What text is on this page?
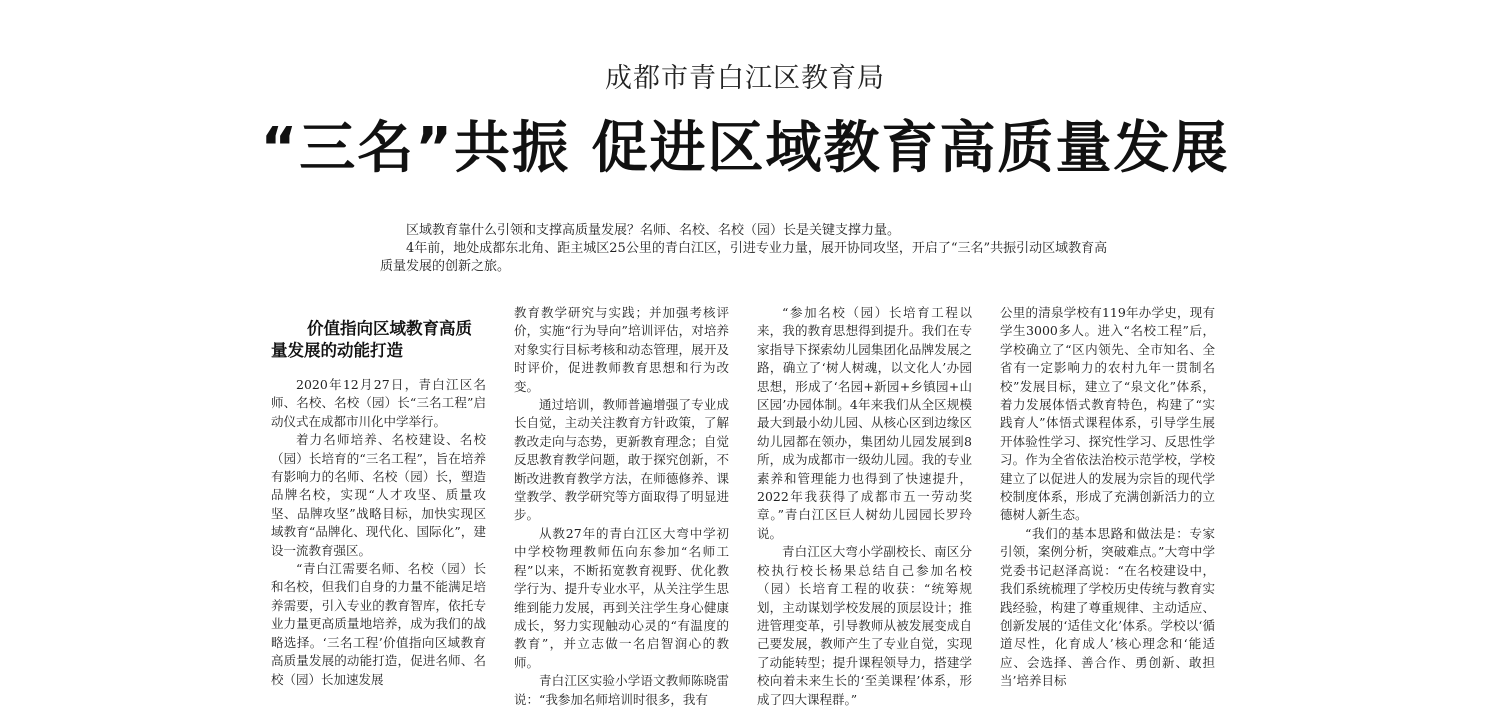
成都市青白江区教育局
“三名”共振 促进区域教育高质量发展

区域教育靠什么引领和支撑高质量发展？名师、名校、名校（园）长是关键支撑力量。

4年前，地处成都东北角、距主城区25公里的青白江区，引进专业力量，展开协同攻坚，开启了“三名”共振引动区域教育高质量发展的创新之旅。

价值指向区域教育高质量发展的动能打造

2020年12月27日，青白江区名师、名校、名校（园）长“三名工程”启动仪式在成都市川化中学举行。

着力名师培养、名校建设、名校（园）长培育的“三名工程”，旨在培养有影响力的名师、名校（园）长，塑造品牌名校，实现“人才攻坚、质量攻坚、品牌攻坚”战略目标，加快实现区域教育“品牌化、现代化、国际化”，建设一流教育强区。

“青白江需要名师、名校（园）长和名校，但我们自身的力量不能满足培养需要，引入专业的教育智库，依托专业力量更高质量地培养，成为我们的战略选择。‘三名工程’价值指向区域教育高质量发展的动能打造，促进名师、名校（园）长加速发展

教育教学研究与实践；并加强考核评价，实施“行为导向”培训评估，对培养对象实行目标考核和动态管理，展开及时评价，促进教师教育思想和行为改变。

通过培训，教师普遍增强了专业成长自觉，主动关注教育方针政策，了解教改走向与态势，更新教育理念；自觉反思教育教学问题，敢于探究创新，不断改进教育教学方法，在师德修养、课堂教学、教学研究等方面取得了明显进步。

从教27年的青白江区大弯中学初中学校物理教师伍向东参加“名师工程”以来，不断拓宽教育视野、优化教学行为、提升专业水平，从关注学生思维到能力发展，再到关注学生身心健康成长，努力实现触动心灵的“有温度的教育”，并立志做一名启智润心的教师。

青白江区实验小学语文教师陈晓雷说：“我参加名师培训时很多，我有

“参加名校（园）长培育工程以来，我的教育思想得到提升。我们在专家指导下探索幼儿园集团化品牌发展之路，确立了‘树人树魂，以文化人’办园思想，形成了‘名园+新园+乡镇园+山区园’办园体制。4年来我们从全区规模最大到最小幼儿园、从核心区到边缘区幼儿园都在领办，集团幼儿园发展到8所，成为成都市一级幼儿园。我的专业素养和管理能力也得到了快速提升，2022年我获得了成都市五一劳动奖章。”青白江区巨人树幼儿园园长罗玲说。

青白江区大弯小学副校长、南区分校执行校长杨果总结自己参加名校（园）长培育工程的收获：“统筹规划，主动谋划学校发展的顶层设计；推进管理变革，引导教师从被发展变成自己要发展，教师产生了专业自觉，实现了动能转型；提升课程领导力，搭建学校向着未来生长的‘至美课程’体系，形成了四大课程群。”

公里的清泉学校有119年办学史，现有学生3000多人。进入“名校工程”后，学校确立了“区内领先、全市知名、全省有一定影响力的农村九年一贯制名校”发展目标，建立了“泉文化”体系，着力发展体悟式教育特色，构建了“实践育人”体悟式课程体系，引导学生展开体验性学习、探究性学习、反思性学习。作为全省依法治校示范学校，学校建立了以促进人的发展为宗旨的现代学校制度体系，形成了充满创新活力的立德树人新生态。

“我们的基本思路和做法是：专家引领，案例分析，突破难点。”大弯中学党委书记赵泽高说：“在名校建设中，我们系统梳理了学校历史传统与教育实践经验，构建了尊重规律、主动适应、创新发展的‘适佳文化’体系。学校以‘循道尽性，化育成人’核心理念和‘能适应、会选择、善合作、勇创新、敢担当’培养目标
